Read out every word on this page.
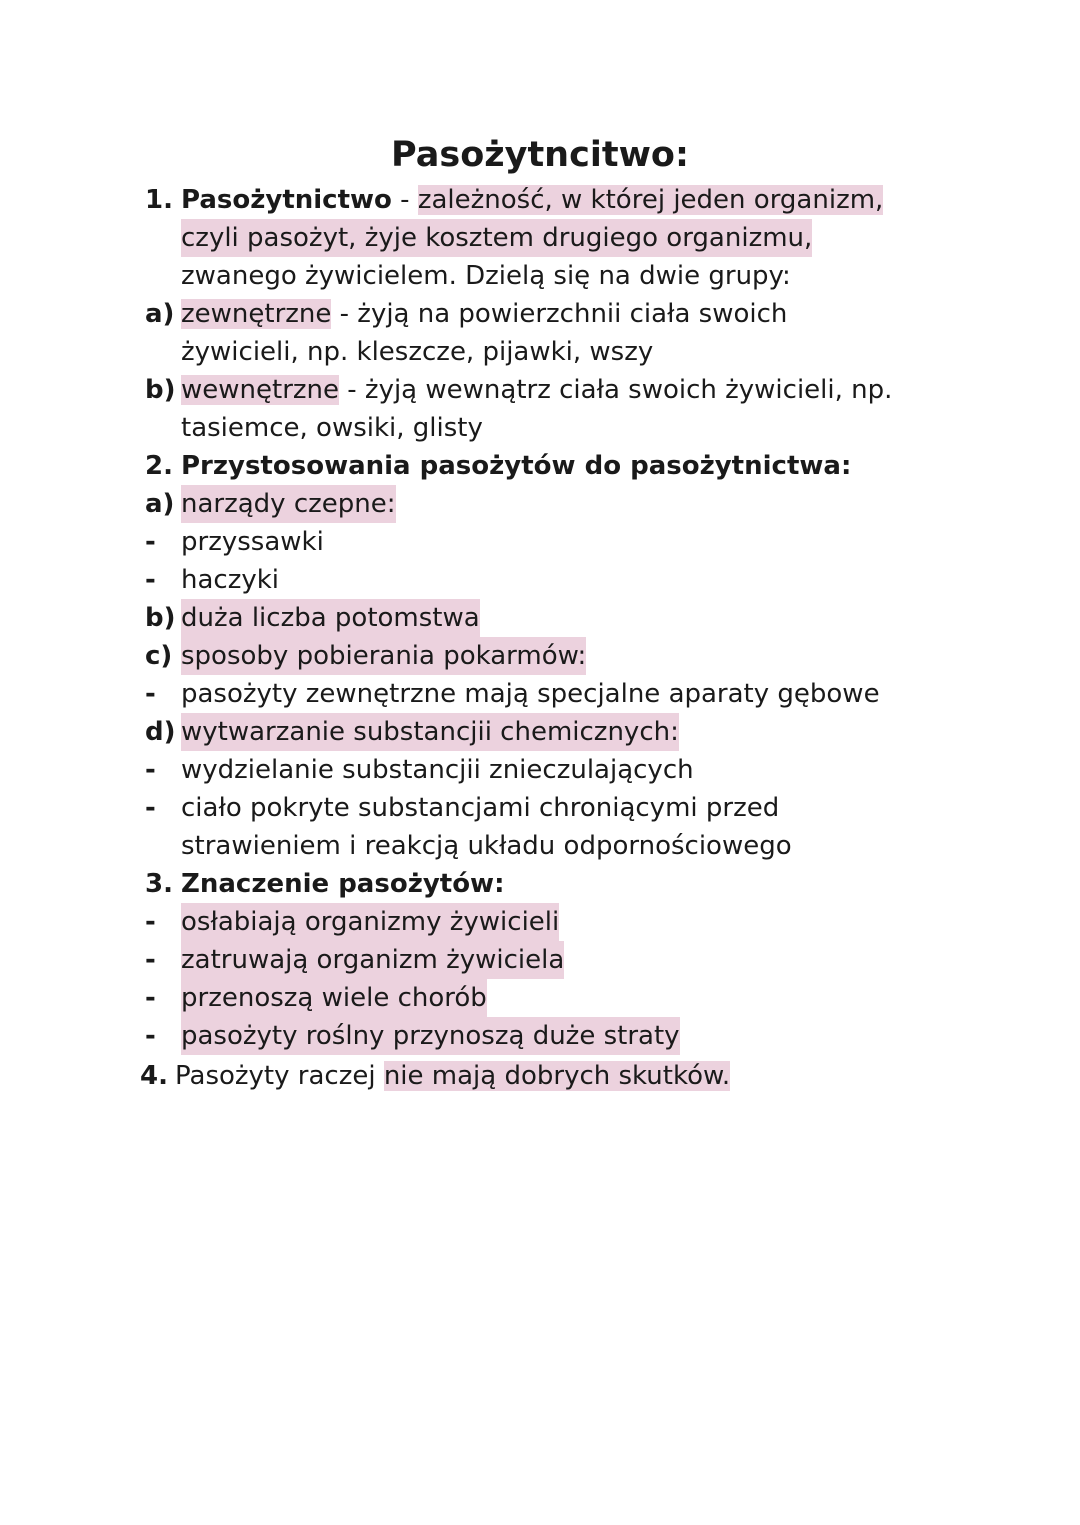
Pasożytncitwo:
1. Pasożytnictwo - zależność, w której jeden organizm,
czyli pasożyt, żyje kosztem drugiego organizmu,
zwanego żywicielem. Dzielą się na dwie grupy:
a) zewnętrzne - żyją na powierzchnii ciała swoich
żywicieli, np. kleszcze, pijawki, wszy
b) wewnętrzne - żyją wewnątrz ciała swoich żywicieli, np.
tasiemce, owsiki, glisty
2. Przystosowania pasożytów do pasożytnictwa:
a) narządy czepne:
- przyssawki
- haczyki
b) duża liczba potomstwa
c) sposoby pobierania pokarmów:
- pasożyty zewnętrzne mają specjalne aparaty gębowe
d) wytwarzanie substancjii chemicznych:
- wydzielanie substancjii znieczulających
- ciało pokryte substancjami chroniącymi przed
strawieniem i reakcją układu odpornościowego
3. Znaczenie pasożytów:
- osłabiają organizmy żywicieli
- zatruwają organizm żywiciela
- przenoszą wiele chorób
- pasożyty roślny przynoszą duże straty
4. Pasożyty raczej nie mają dobrych skutków.
